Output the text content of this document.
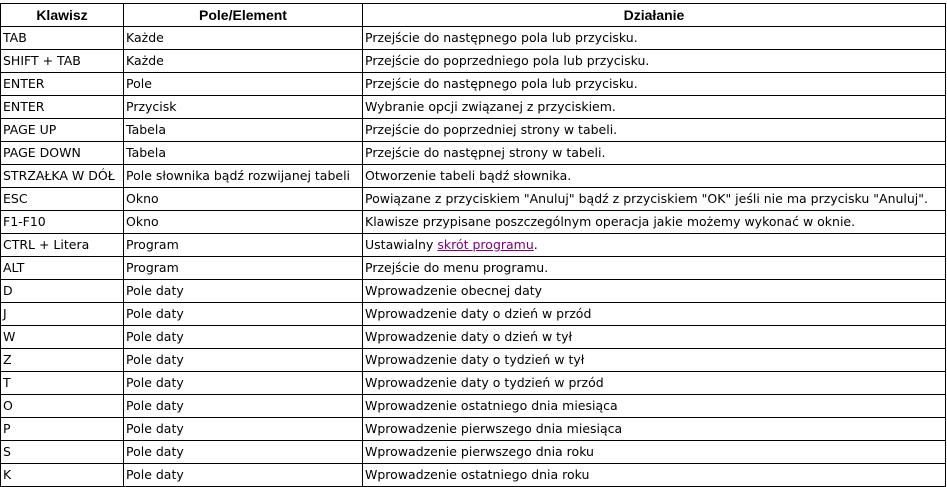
Klawisz	Pole/Element	Działanie
TAB	Każde	Przejście do następnego pola lub przycisku.
SHIFT + TAB	Każde	Przejście do poprzedniego pola lub przycisku.
ENTER	Pole	Przejście do następnego pola lub przycisku.
ENTER	Przycisk	Wybranie opcji związanej z przyciskiem.
PAGE UP	Tabela	Przejście do poprzedniej strony w tabeli.
PAGE DOWN	Tabela	Przejście do następnej strony w tabeli.
STRZAŁKA W DÓŁ	Pole słownika bądź rozwijanej tabeli	Otworzenie tabeli bądź słownika.
ESC	Okno	Powiązane z przyciskiem "Anuluj" bądź z przyciskiem "OK" jeśli nie ma przycisku "Anuluj".
F1-F10	Okno	Klawisze przypisane poszczególnym operacja jakie możemy wykonać w oknie.
CTRL + Litera	Program	Ustawialny skrót programu.
ALT	Program	Przejście do menu programu.
D	Pole daty	Wprowadzenie obecnej daty
J	Pole daty	Wprowadzenie daty o dzień w przód
W	Pole daty	Wprowadzenie daty o dzień w tył
Z	Pole daty	Wprowadzenie daty o tydzień w tył
T	Pole daty	Wprowadzenie daty o tydzień w przód
O	Pole daty	Wprowadzenie ostatniego dnia miesiąca
P	Pole daty	Wprowadzenie pierwszego dnia miesiąca
S	Pole daty	Wprowadzenie pierwszego dnia roku
K	Pole daty	Wprowadzenie ostatniego dnia roku
